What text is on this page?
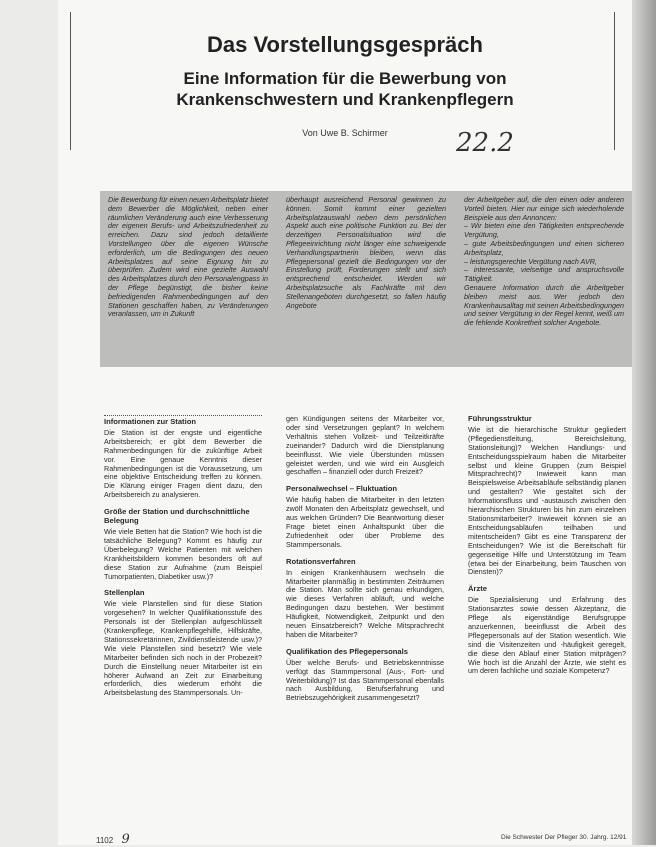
Das Vorstellungsgespräch
Eine Information für die Bewerbung von
Krankenschwestern und Krankenpflegern
Von Uwe B. Schirmer	22.2

Die Bewerbung für einen neuen Arbeitsplatz bietet dem Bewerber die Möglichkeit, neben einer räumlichen Veränderung auch eine Verbesserung der eigenen Berufs- und Arbeitszufriedenheit zu erreichen. Dazu sind jedoch detaillierte Vorstellungen über die eigenen Wünsche erforderlich, um die Bedingungen des neuen Arbeitsplatzes auf seine Eignung hin zu überprüfen. Zudem wird eine gezielte Auswahl des Arbeitsplatzes durch den Personalengpass in der Pflege begünstigt, die bisher keine befriedigenden Rahmenbedingungen auf den Stationen geschaffen haben, zu Veränderungen veranlassen, um in Zukunft

überhaupt ausreichend Personal gewinnen zu können. Somit kommt einer gezielten Arbeitsplatzauswahl neben dem persönlichen Aspekt auch eine politische Funktion zu. Bei der derzeitigen Personalsituation wird die Pflegeeinrichtung nicht länger eine schweigende Verhandlungspartnerin bleiben, wenn das Pflegepersonal gezielt die Bedingungen vor der Einstellung prüft, Forderungen stellt und sich entsprechend entscheidet. Werden wir Arbeitsplatzsuche als Fachkräfte mit den Stellenangeboten durchgesetzt, so fallen häufig Angebote

der Arbeitgeber auf, die den einen oder anderen Vorteil bieten. Hier nur einige sich wiederholende Beispiele aus den Annoncen:

– Wir bieten eine den Tätigkeiten entsprechende Vergütung,
– gute Arbeitsbedingungen und einen sicheren Arbeitsplatz,
– leistungsgerechte Vergütung nach AVR,
– interessante, vielseitige und anspruchsvolle Tätigkeit.

Genauere Information durch die Arbeitgeber bleiben meist aus. Wer jedoch den Krankenhausalltag mit seinen Arbeitsbedingungen und seiner Vergütung in der Regel kennt, weiß um die fehlende Konkretheit solcher Angebote.

Informationen zur Station

Die Station ist der engste und eigentliche Arbeitsbereich; er gibt dem Bewerber die Rahmenbedingungen für die zukünftige Arbeit vor. Eine genaue Kenntnis dieser Rahmenbedingungen ist die Voraussetzung, um eine objektive Entscheidung treffen zu können. Die Klärung einiger Fragen dient dazu, den Arbeitsbereich zu analysieren.

Größe der Station und durchschnittliche Belegung

Wie viele Betten hat die Station? Wie hoch ist die tatsächliche Belegung? Kommt es häufig zur Überbelegung? Welche Patienten mit welchen Krankheitsbildern kommen besonders oft auf diese Station zur Aufnahme (zum Beispiel Tumorpatienten, Diabetiker usw.)?

Stellenplan

Wie viele Planstellen sind für diese Station vorgesehen? In welcher Qualifikationsstufe des Personals ist der Stellenplan aufgeschlüsselt (Krankenpflege, Krankenpflegehilfe, Hilfskräfte, Stationssekretärinnen, Zivildienstleistende usw.)? Wie viele Planstellen sind besetzt? Wie viele Mitarbeiter befinden sich noch in der Probezeit? Durch die Einstellung neuer Mitarbeiter ist ein höherer Aufwand an Zeit zur Einarbeitung erforderlich, dies wiederum erhöht die Arbeitsbelastung des Stammpersonals. Un-

gen Kündigungen seitens der Mitarbeiter vor, oder sind Versetzungen geplant? In welchem Verhältnis stehen Vollzeit- und Teilzeitkräfte zueinander? Dadurch wird die Dienstplanung beeinflusst. Wie viele Überstunden müssen geleistet werden, und wie wird ein Ausgleich geschaffen – finanziell oder durch Freizeit?

Personalwechsel – Fluktuation

Wie häufig haben die Mitarbeiter in den letzten zwölf Monaten den Arbeitsplatz gewechselt, und aus welchen Gründen? Die Beantwortung dieser Frage bietet einen Anhaltspunkt über die Zufriedenheit oder über Probleme des Stammpersonals.

Rotationsverfahren

In einigen Krankenhäusern wechseln die Mitarbeiter planmäßig in bestimmten Zeiträumen die Station. Man sollte sich genau erkundigen, wie dieses Verfahren abläuft, und welche Bedingungen dazu bestehen. Wer bestimmt Häufigkeit, Notwendigkeit, Zeitpunkt und den neuen Einsatzbereich? Welche Mitsprachrecht haben die Mitarbeiter?

Qualifikation des Pflegepersonals

Über welche Berufs- und Betriebskenntnisse verfügt das Stammpersonal (Aus-, Fort- und Weiterbildung)? Ist das Stammpersonal ebenfalls nach Ausbildung, Berufserfahrung und Betriebszugehörigkeit zusammengesetzt?

Führungsstruktur

Wie ist die hierarchische Struktur gegliedert (Pflegedienstleitung, Bereichsleitung, Stationsleitung)? Welchen Handlungs- und Entscheidungsspielraum haben die Mitarbeiter selbst und kleine Gruppen (zum Beispiel Mitsprachrecht)? Inwieweit kann man Beispielsweise Arbeitsabläufe selbständig planen und gestalten? Wie gestaltet sich der Informationsfluss und -austausch zwischen den hierarchischen Strukturen bis hin zum einzelnen Stationsmitarbeiter? Inwieweit können sie an Entscheidungsabläufen teilhaben und mitentscheiden? Gibt es eine Transparenz der Entscheidungen? Wie ist die Bereitschaft für gegenseitige Hilfe und Unterstützung im Team (etwa bei der Einarbeitung, beim Tauschen von Diensten)?

Ärzte

Die Spezialisierung und Erfahrung des Stationsarztes sowie dessen Akzeptanz, die Pflege als eigenständige Berufsgruppe anzuerkennen, beeinflusst die Arbeit des Pflegepersonals auf der Station wesentlich. Wie sind die Visitenzeiten und -häufigkeit geregelt, die diese den Ablauf einer Station mitprägen? Wie hoch ist die Anzahl der Ärzte, wie steht es um deren fachliche und soziale Kompetenz?

1102 9	Die Schwester Der Pfleger 30. Jahrg. 12/91
